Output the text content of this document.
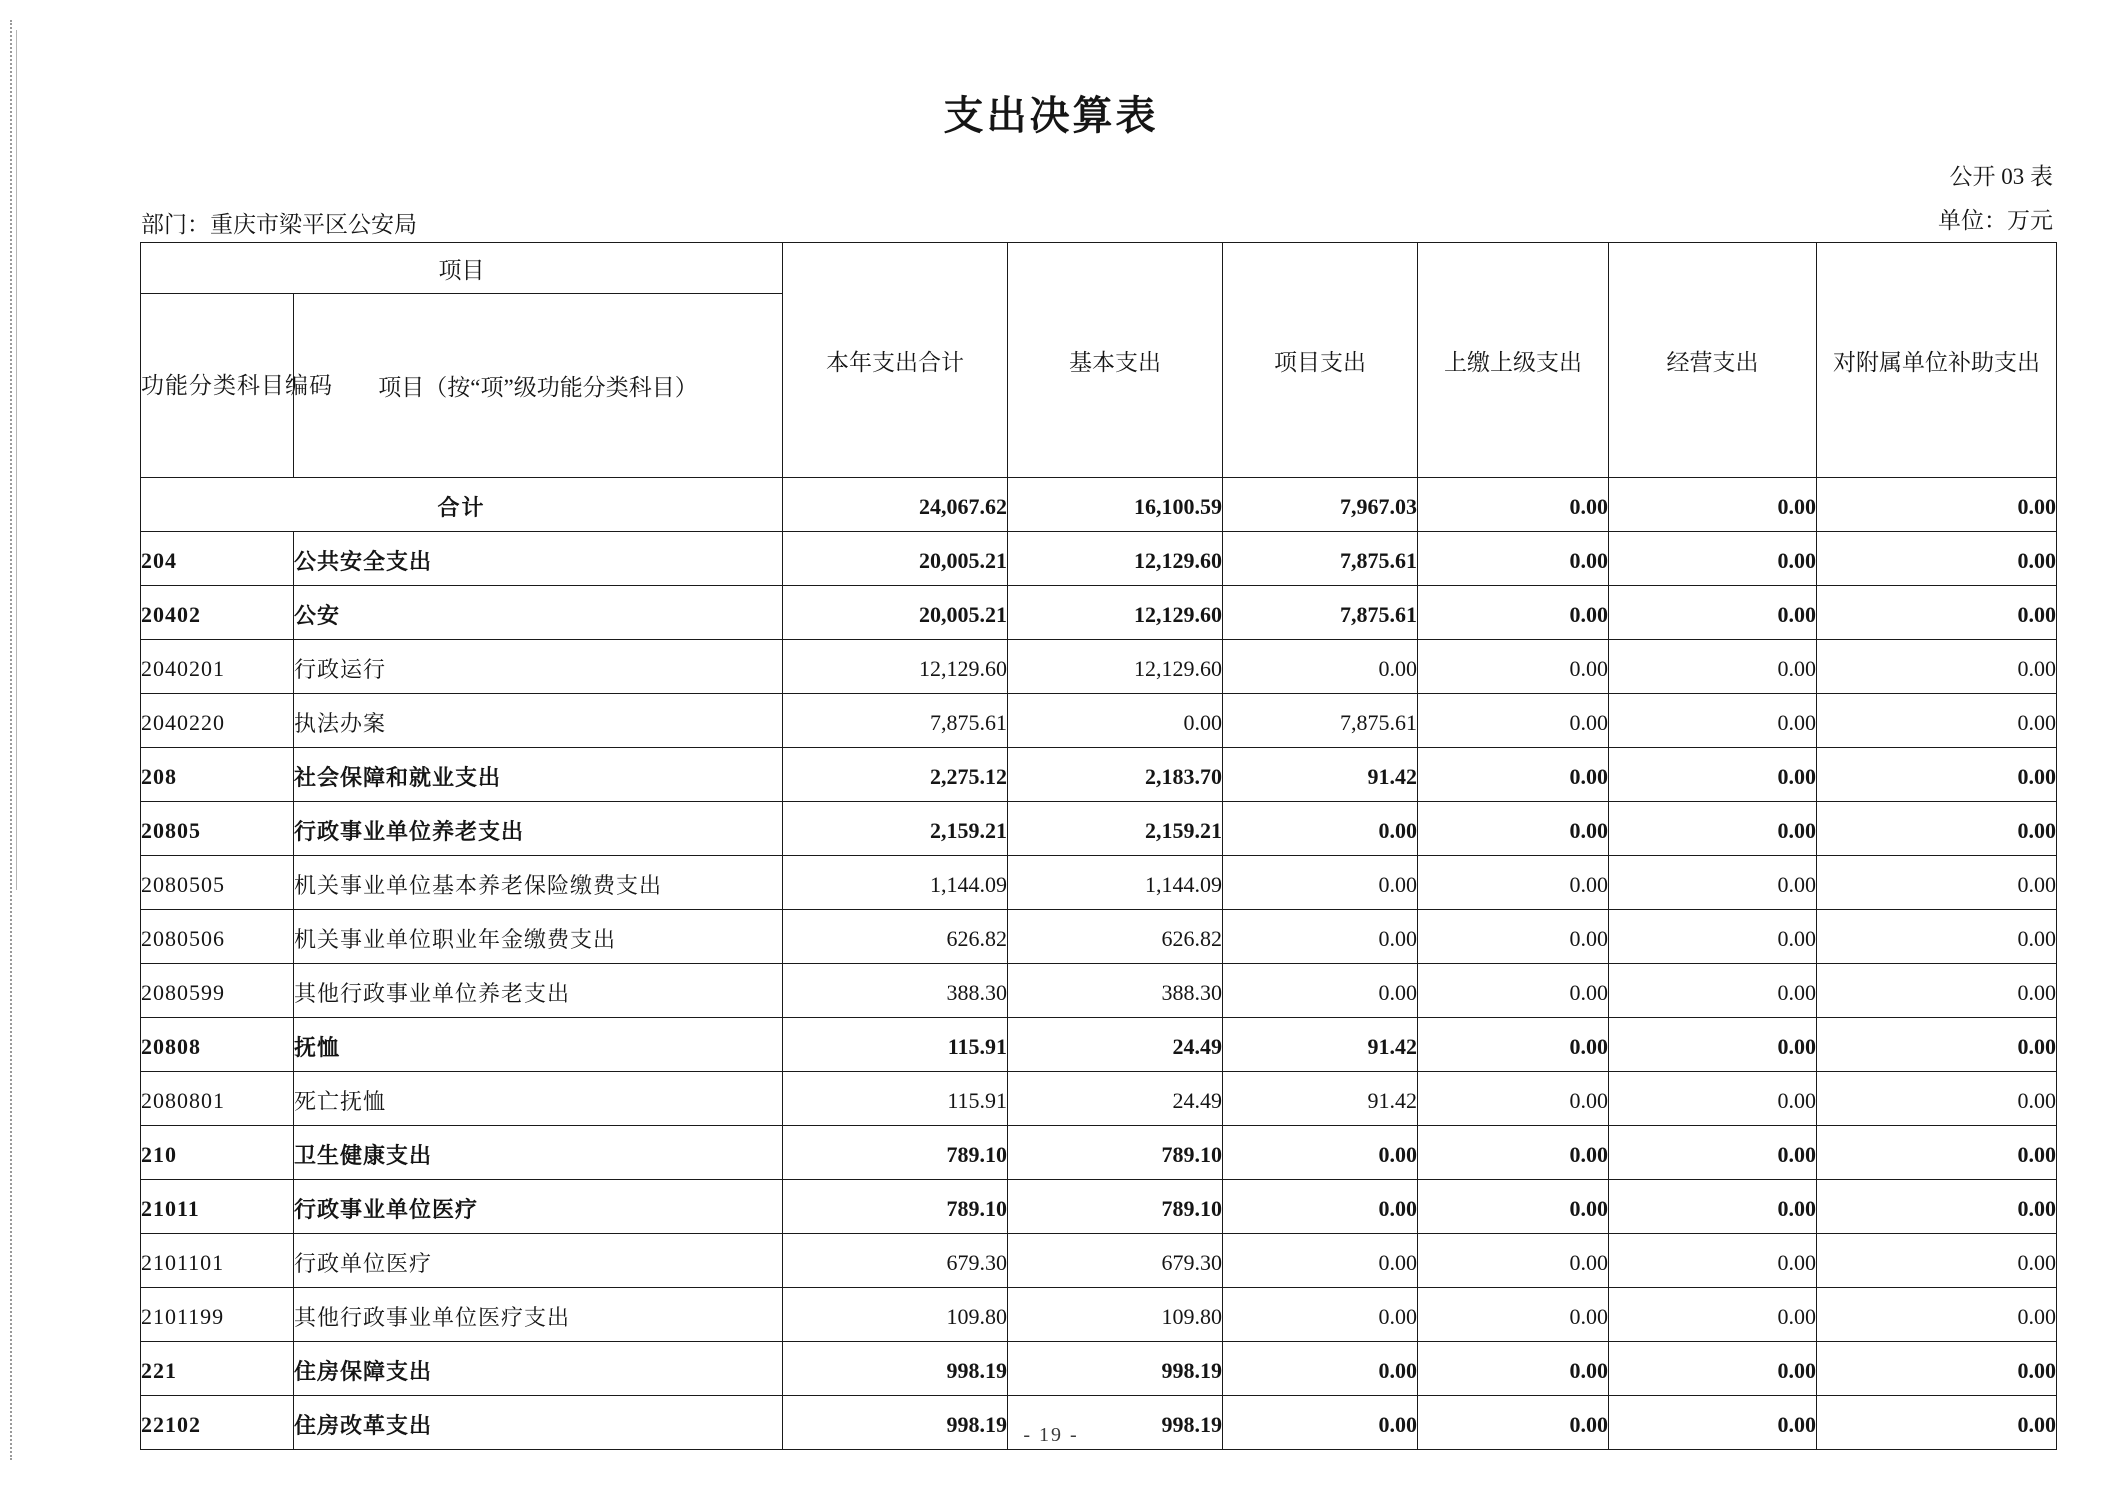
支出决算表
公开 03 表
部门：重庆市梁平区公安局	单位：万元
项目		本年支出合计	基本支出	项目支出	上缴上级支出	经营支出	对附属单位补助支出
功能分类科目编码	项目（按“项”级功能分类科目）						
合计		24,067.62	16,100.59	7,967.03	0.00	0.00	0.00
204	公共安全支出	20,005.21	12,129.60	7,875.61	0.00	0.00	0.00
20402	公安	20,005.21	12,129.60	7,875.61	0.00	0.00	0.00
2040201	行政运行	12,129.60	12,129.60	0.00	0.00	0.00	0.00
2040220	执法办案	7,875.61	0.00	7,875.61	0.00	0.00	0.00
208	社会保障和就业支出	2,275.12	2,183.70	91.42	0.00	0.00	0.00
20805	行政事业单位养老支出	2,159.21	2,159.21	0.00	0.00	0.00	0.00
2080505	机关事业单位基本养老保险缴费支出	1,144.09	1,144.09	0.00	0.00	0.00	0.00
2080506	机关事业单位职业年金缴费支出	626.82	626.82	0.00	0.00	0.00	0.00
2080599	其他行政事业单位养老支出	388.30	388.30	0.00	0.00	0.00	0.00
20808	抚恤	115.91	24.49	91.42	0.00	0.00	0.00
2080801	死亡抚恤	115.91	24.49	91.42	0.00	0.00	0.00
210	卫生健康支出	789.10	789.10	0.00	0.00	0.00	0.00
21011	行政事业单位医疗	789.10	789.10	0.00	0.00	0.00	0.00
2101101	行政单位医疗	679.30	679.30	0.00	0.00	0.00	0.00
2101199	其他行政事业单位医疗支出	109.80	109.80	0.00	0.00	0.00	0.00
221	住房保障支出	998.19	998.19	0.00	0.00	0.00	0.00
22102	住房改革支出	998.19	998.19	0.00	0.00	0.00	0.00
- 19 -
